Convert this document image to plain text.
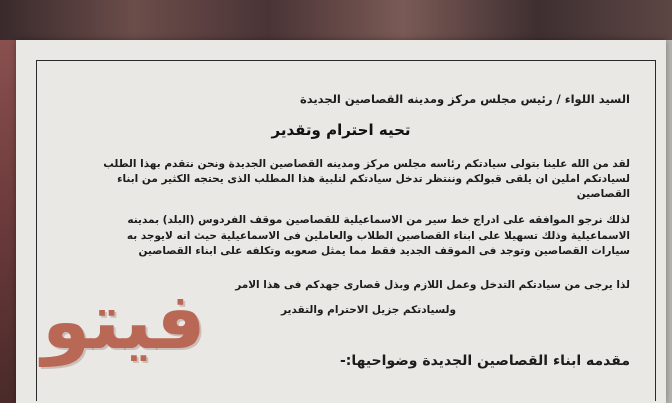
السيد اللواء / رئيس مجلس مركز ومدينه القصاصين الجديدة
تحيه احترام وتقدير
لقد من الله علينا بتولى سيادتكم رئاسه مجلس مركز ومدينه القصاصين الجديدة ونحن نتقدم بهذا الطلب
لسيادتكم املين ان يلقى قبولكم وننتظر تدخل سيادتكم لتلبية هذا المطلب الذى يحتجه الكثير من ابناء
القصاصين
لذلك نرجو الموافقه على ادراج خط سير من الاسماعيلية للقصاصين موقف الفردوس (البلد) بمدينه
الاسماعيلية وذلك تسهيلا على ابناء القصاصين الطلاب والعاملين فى الاسماعيلية حيث انه لايوجد به
سيارات القصاصين وتوجد فى الموقف الجديد فقط مما يمثل صعوبه وتكلفه على ابناء القصاصين
لذا يرجى من سيادتكم التدخل وعمل اللازم وبذل قصارى جهدكم فى هذا الامر
ولسيادتكم جزيل الاحترام والتقدير
مقدمه ابناء القصاصين الجديدة وضواحيها:-
فيتو
